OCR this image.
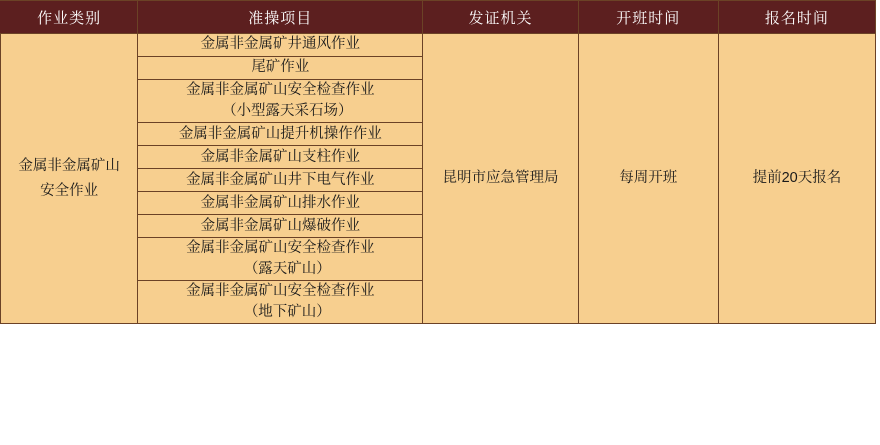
作业类别	准操项目	发证机关	开班时间	报名时间

金属非金属矿山
安全作业	金属非金属矿井通风作业	昆明市应急管理局	每周开班	提前20天报名
	尾矿作业			
	金属非金属矿山安全检查作业
（小型露天采石场）			

	金属非金属矿山提升机操作作业			
	金属非金属矿山支柱作业			
	金属非金属矿山井下电气作业			
	金属非金属矿山排水作业			
	金属非金属矿山爆破作业			
	金属非金属矿山安全检查作业
（露天矿山）			

	金属非金属矿山安全检查作业
（地下矿山）			
